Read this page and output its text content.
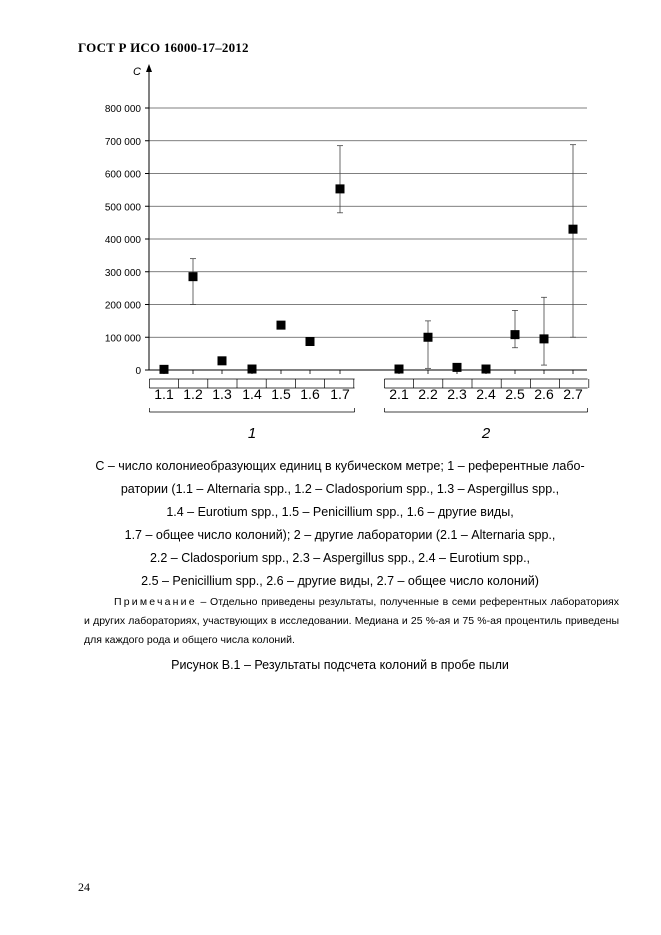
ГОСТ Р ИСО 16000-17–2012
0
100 000
200 000
300 000
400 000
500 000
600 000
700 000
800 000
C
1.1 1.2 1.3 1.4 1.5 1.6 1.7	2.1 2.2 2.3 2.4 2.5 2.6 2.7
1	2
C – число колониеобразующих единиц в кубическом метре; 1 – референтные лабо-
ратории (1.1 – Alternaria spp., 1.2 – Cladosporium spp., 1.3 – Aspergillus spp.,
1.4 – Eurotium spp., 1.5 – Penicillium spp., 1.6 – другие виды,
1.7 – общее число колоний); 2 – другие лаборатории (2.1 – Alternaria spp.,
2.2 – Cladosporium spp., 2.3 – Aspergillus spp., 2.4 – Eurotium spp.,
2.5 – Penicillium spp., 2.6 – другие виды, 2.7 – общее число колоний)
Примечание – Отдельно приведены результаты, полученные в семи референтных лабораториях и других лабораториях, участвующих в исследовании. Медиана и 25 %-ая и 75 %-ая процентиль приведены для каждого рода и общего числа колоний.
Рисунок В.1 – Результаты подсчета колоний в пробе пыли
24
